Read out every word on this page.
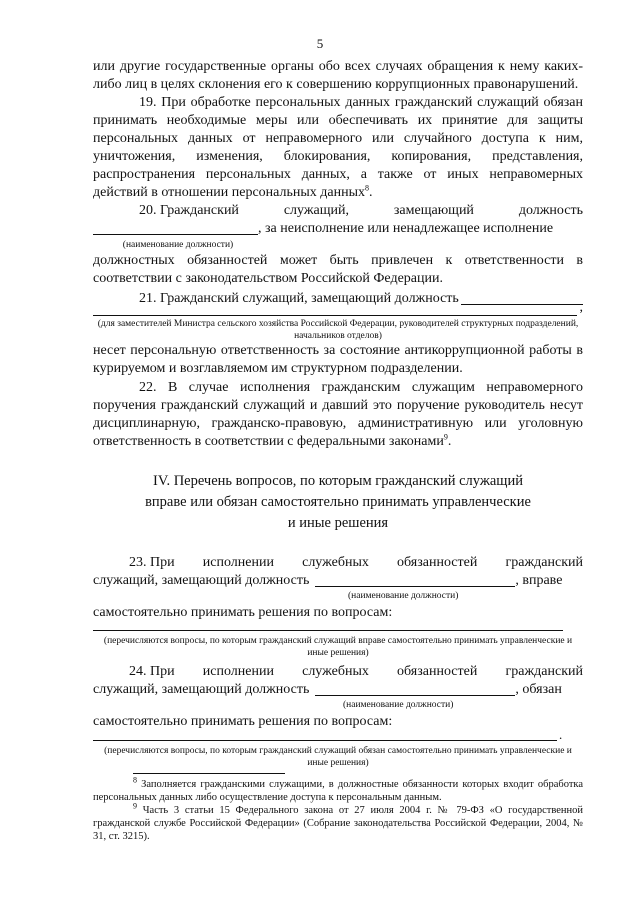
5

или другие государственные органы обо всех случаях обращения к нему каких-либо лиц в целях склонения его к совершению коррупционных правонарушений.

19. При обработке персональных данных гражданский служащий обязан принимать необходимые меры или обеспечивать их принятие для защиты персональных данных от неправомерного или случайного доступа к ним, уничтожения, изменения, блокирования, копирования, представления, распространения персональных данных, а также от иных неправомерных действий в отношении персональных данных$^8$.

20. Гражданский	служащий,	замещающий	должность
, за неисполнение или ненадлежащее исполнение
(наименование должности)

должностных обязанностей может быть привлечен к ответственности в соответствии с законодательством Российской Федерации.

21. Гражданский служащий, замещающий должность
,
(для заместителей Министра сельского хозяйства Российской Федерации, руководителей структурных подразделений, начальников отделов)

несет персональную ответственность за состояние антикоррупционной работы в курируемом и возглавляемом им структурном подразделении.

22. В случае исполнения гражданским служащим неправомерного поручения гражданский служащий и давший это поручение руководитель несут дисциплинарную, гражданско-правовую, административную или уголовную ответственность в соответствии с федеральными законами$^9$.

IV. Перечень вопросов, по которым гражданский служащий
вправе или обязан самостоятельно принимать управленческие
и иные решения
23. При исполнении служебных обязанностей гражданский
служащий, замещающий должность	, вправе
(наименование должности)

самостоятельно принимать решения по вопросам:

(перечисляются вопросы, по которым гражданский служащий вправе самостоятельно принимать управленческие и иные решения)
24. При исполнении служебных обязанностей гражданский
служащий, замещающий должность	, обязан
(наименование должности)

самостоятельно принимать решения по вопросам:

.
(перечисляются вопросы, по которым гражданский служащий обязан самостоятельно принимать управленческие и иные решения)

$^8$ Заполняется гражданскими служащими, в должностные обязанности которых входит обработка персональных данных либо осуществление доступа к персональным данным.

$^9$ Часть 3 статьи 15 Федерального закона от 27 июля 2004 г. № 79-ФЗ «О государственной гражданской службе Российской Федерации» (Собрание законодательства Российской Федерации, 2004, № 31, ст. 3215).
